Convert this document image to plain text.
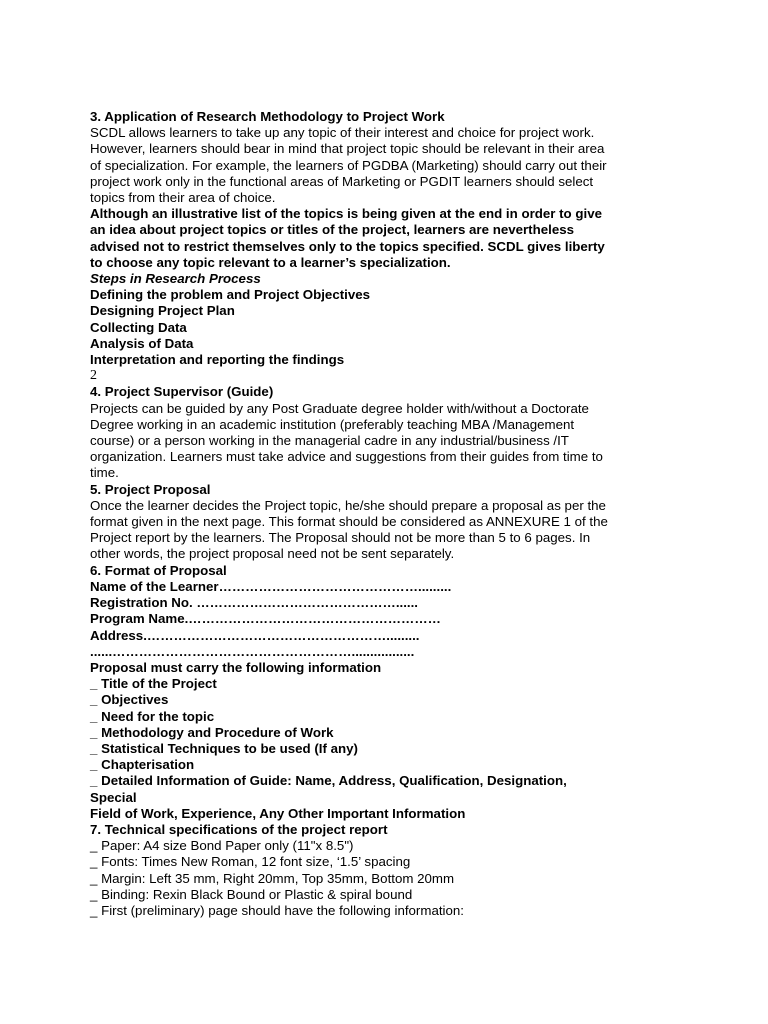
3. Application of Research Methodology to Project Work
SCDL allows learners to take up any topic of their interest and choice for project work.
However, learners should bear in mind that project topic should be relevant in their area
of specialization. For example, the learners of PGDBA (Marketing) should carry out their
project work only in the functional areas of Marketing or PGDIT learners should select
topics from their area of choice.
Although an illustrative list of the topics is being given at the end in order to give
an idea about project topics or titles of the project, learners are nevertheless
advised not to restrict themselves only to the topics specified. SCDL gives liberty
to choose any topic relevant to a learner’s specialization.
Steps in Research Process
Defining the problem and Project Objectives
Designing Project Plan
Collecting Data
Analysis of Data
Interpretation and reporting the findings
2
4. Project Supervisor (Guide)
Projects can be guided by any Post Graduate degree holder with/without a Doctorate
Degree working in an academic institution (preferably teaching MBA /Management
course) or a person working in the managerial cadre in any industrial/business /IT
organization. Learners must take advice and suggestions from their guides from time to
time.
5. Project Proposal
Once the learner decides the Project topic, he/she should prepare a proposal as per the
format given in the next page. This format should be considered as ANNEXURE 1 of the
Project report by the learners. The Proposal should not be more than 5 to 6 pages. In
other words, the project proposal need not be sent separately.
6. Format of Proposal
Name of the Learner……………………………………….........
Registration No. ………………………………………......
Program Name.…………………………………………………
Address.……………………………………………….........
......……………………………………………….................
Proposal must carry the following information
_ Title of the Project
_ Objectives
_ Need for the topic
_ Methodology and Procedure of Work
_ Statistical Techniques to be used (If any)
_ Chapterisation
_ Detailed Information of Guide: Name, Address, Qualification, Designation,
Special
Field of Work, Experience, Any Other Important Information
7. Technical specifications of the project report
_ Paper: A4 size Bond Paper only (11"x 8.5")
_ Fonts: Times New Roman, 12 font size, ‘1.5’ spacing
_ Margin: Left 35 mm, Right 20mm, Top 35mm, Bottom 20mm
_ Binding: Rexin Black Bound or Plastic & spiral bound
_ First (preliminary) page should have the following information:
